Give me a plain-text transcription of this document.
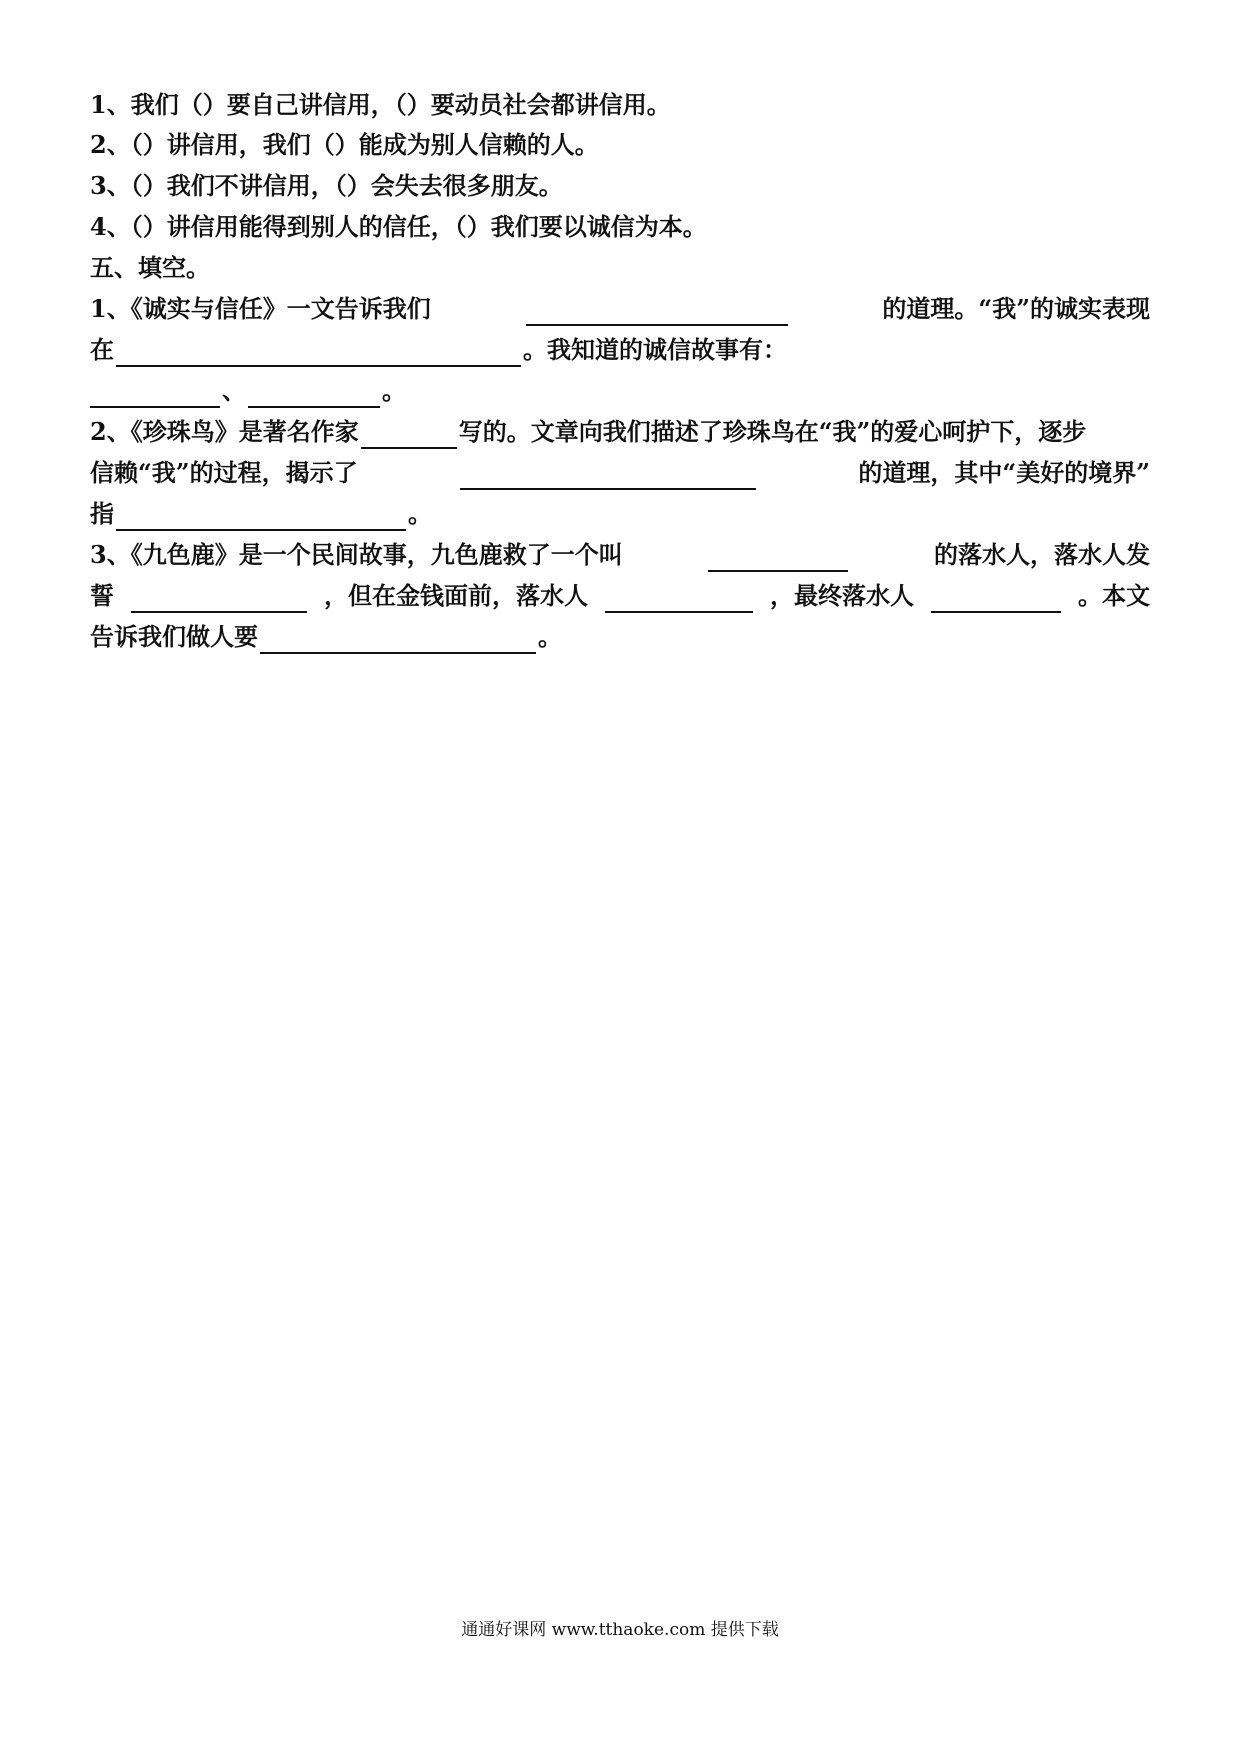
1、我们（）要自己讲信用，（）要动员社会都讲信用。
2、（）讲信用，我们（）能成为别人信赖的人。
3、（）我们不讲信用，（）会失去很多朋友。
4、（）讲信用能得到别人的信任，（）我们要以诚信为本。
五、填空。
1、《诚实与信任》一文告诉我们	的道理。“我”的诚实表现
在	。我知道的诚信故事有：
、	。
2、《珍珠鸟》是著名作家	写的。文章向我们描述了珍珠鸟在“我”的爱心呵护下，逐步
信赖“我”的过程，揭示了	的道理，其中“美好的境界”
指	。
3、《九色鹿》是一个民间故事，九色鹿救了一个叫	的落水人，落水人发
誓	，但在金钱面前，落水人	，最终落水人	。本文
告诉我们做人要	。
通通好课网 www.tthaoke.com 提供下载
